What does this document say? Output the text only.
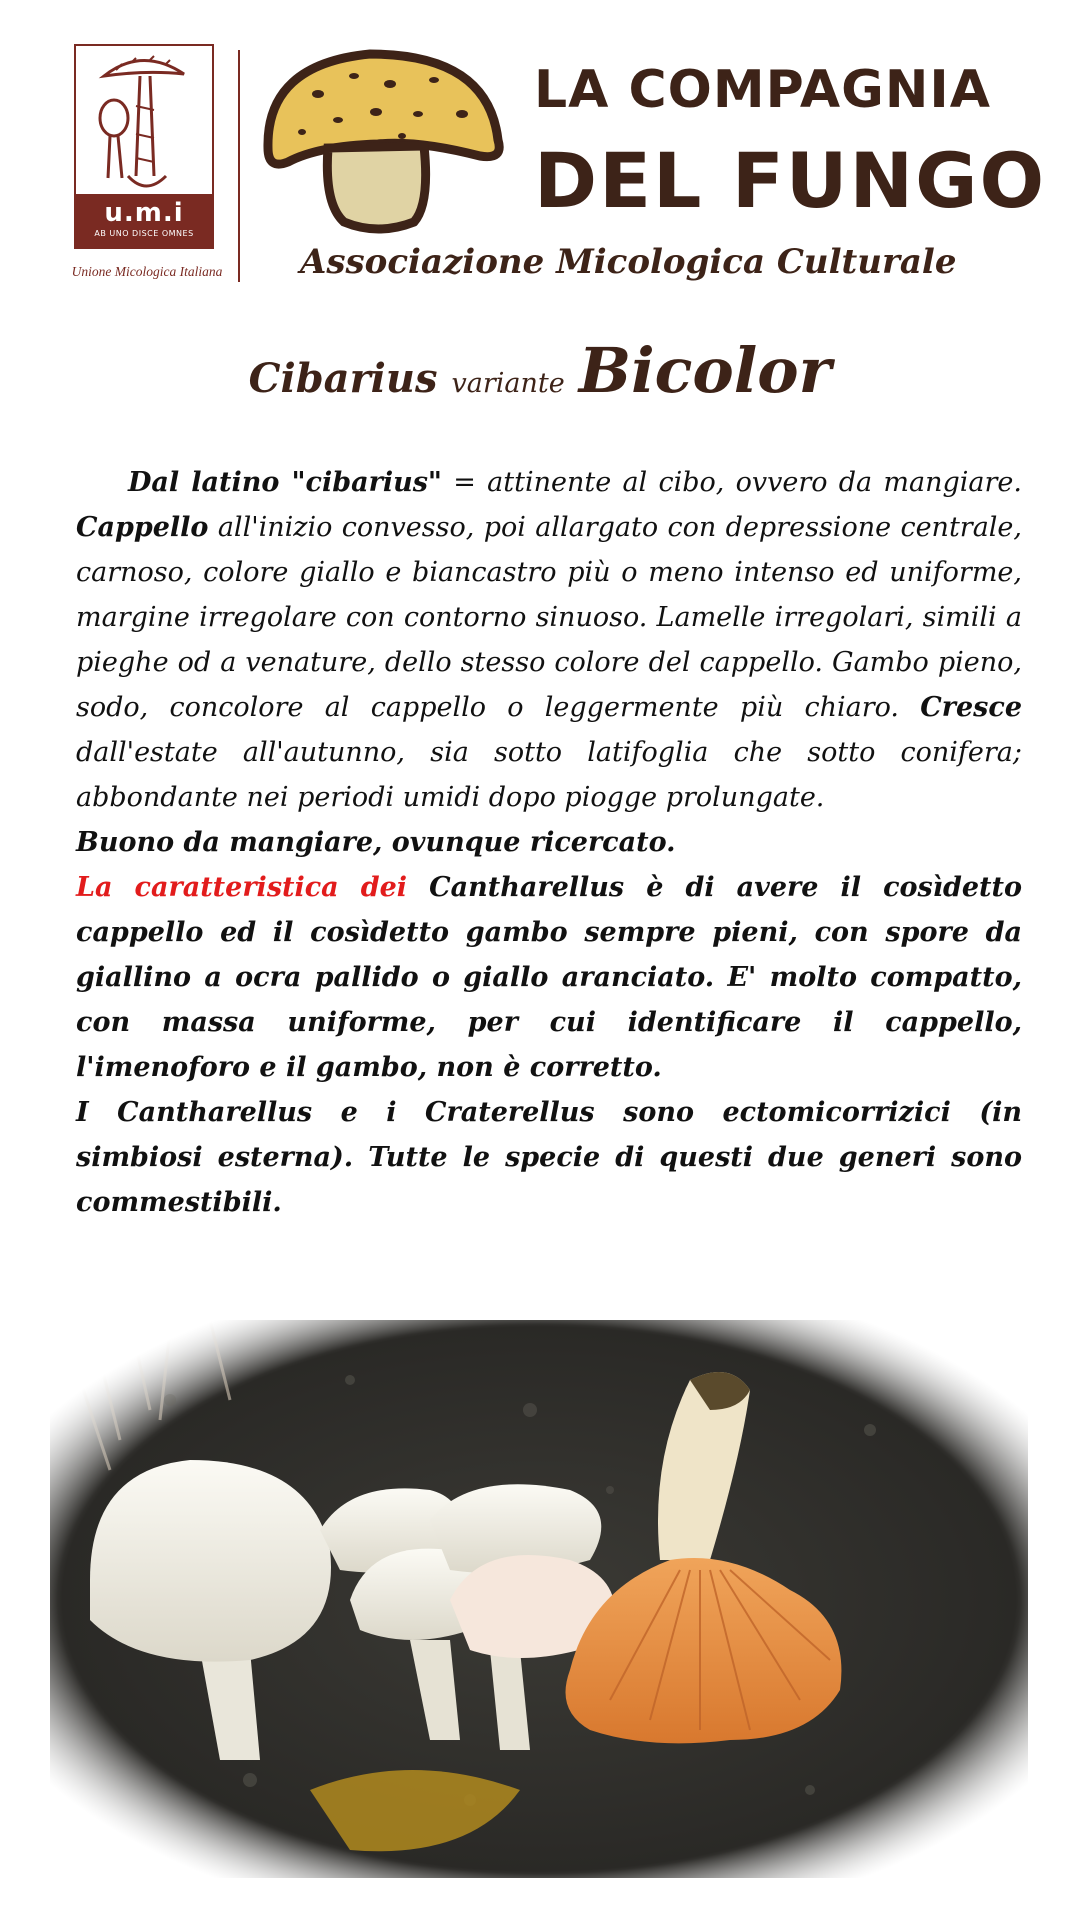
u.m.i
AB UNO DISCE OMNES
Unione Micologica Italiana
LA COMPAGNIA
DEL FUNGO
Associazione Micologica Culturale
Cibarius variante Bicolor

Dal latino "cibarius" = attinente al cibo, ovvero da mangiare. Cappello all'inizio convesso, poi allargato con depressione centrale, carnoso, colore giallo e biancastro più o meno intenso ed uniforme, margine irregolare con contorno sinuoso. Lamelle irregolari, simili a pieghe od a venature, dello stesso colore del cappello. Gambo pieno, sodo, concolore al cappello o leggermente più chiaro. Cresce dall'estate all'autunno, sia sotto latifoglia che sotto conifera; abbondante nei periodi umidi dopo piogge prolungate.

Buono da mangiare, ovunque ricercato.

La caratteristica dei Cantharellus è di avere il cosìdetto cappello ed il cosìdetto gambo sempre pieni, con spore da giallino a ocra pallido o giallo aranciato. E' molto compatto, con massa uniforme, per cui identificare il cappello, l'imenoforo e il gambo, non è corretto.

I Cantharellus e i Craterellus sono ectomicorrizici (in simbiosi esterna). Tutte le specie di questi due generi sono commestibili.
